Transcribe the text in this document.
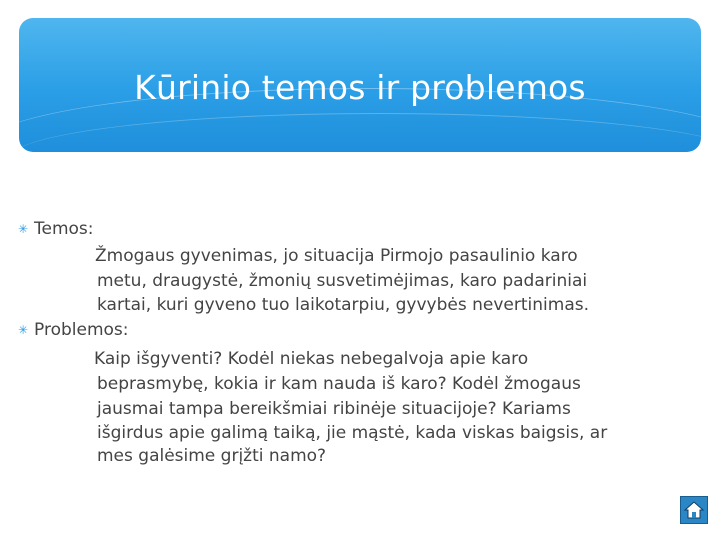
Kūrinio temos ir problemos
✳ Temos:
Žmogaus gyvenimas, jo situacija Pirmojo pasaulinio karo
metu, draugystė, žmonių susvetimėjimas, karo padariniai
kartai, kuri gyveno tuo laikotarpiu, gyvybės nevertinimas.
✳ Problemos:
Kaip išgyventi? Kodėl niekas nebegalvoja apie karo
beprasmybę, kokia ir kam nauda iš karo? Kodėl žmogaus
jausmai tampa bereikšmiai ribinėje situacijoje? Kariams
išgirdus apie galimą taiką, jie mąstė, kada viskas baigsis, ar
mes galėsime grįžti namo?
